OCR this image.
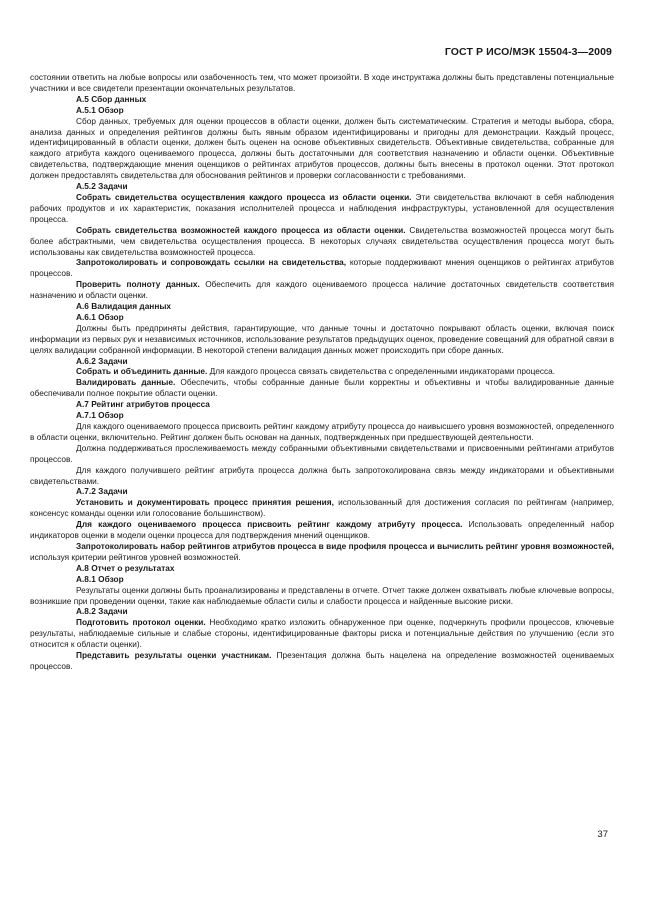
ГОСТ Р ИСО/МЭК 15504-3—2009

состоянии ответить на любые вопросы или озабоченность тем, что может произойти. В ходе инструктажа должны быть представлены потенциальные участники и все свидетели презентации окончательных результатов.

А.5 Сбор данных

А.5.1 Обзор

Сбор данных, требуемых для оценки процессов в области оценки, должен быть систематическим. Стратегия и методы выбора, сбора, анализа данных и определения рейтингов должны быть явным образом идентифицированы и пригодны для демонстрации. Каждый процесс, идентифицированный в области оценки, должен быть оценен на основе объективных свидетельств. Объективные свидетельства, собранные для каждого атрибута каждого оцениваемого процесса, должны быть достаточными для соответствия назначению и области оценки. Объективные свидетельства, подтверждающие мнения оценщиков о рейтингах атрибутов процессов, должны быть внесены в протокол оценки. Этот протокол должен предоставлять свидетельства для обоснования рейтингов и проверки согласованности с требованиями.

А.5.2 Задачи

Собрать свидетельства осуществления каждого процесса из области оценки. Эти свидетельства включают в себя наблюдения рабочих продуктов и их характеристик, показания исполнителей процесса и наблюдения инфраструктуры, установленной для осуществления процесса.

Собрать свидетельства возможностей каждого процесса из области оценки. Свидетельства возможностей процесса могут быть более абстрактными, чем свидетельства осуществления процесса. В некоторых случаях свидетельства осуществления процесса могут быть использованы как свидетельства возможностей процесса.

Запротоколировать и сопровождать ссылки на свидетельства, которые поддерживают мнения оценщиков о рейтингах атрибутов процессов.

Проверить полноту данных. Обеспечить для каждого оцениваемого процесса наличие достаточных свидетельств соответствия назначению и области оценки.

А.6 Валидация данных

А.6.1 Обзор

Должны быть предприняты действия, гарантирующие, что данные точны и достаточно покрывают область оценки, включая поиск информации из первых рук и независимых источников, использование результатов предыдущих оценок, проведение совещаний для обратной связи в целях валидации собранной информации. В некоторой степени валидация данных может происходить при сборе данных.

А.6.2 Задачи

Собрать и объединить данные. Для каждого процесса связать свидетельства с определенными индикаторами процесса.

Валидировать данные. Обеспечить, чтобы собранные данные были корректны и объективны и чтобы валидированные данные обеспечивали полное покрытие области оценки.

А.7 Рейтинг атрибутов процесса

А.7.1 Обзор

Для каждого оцениваемого процесса присвоить рейтинг каждому атрибуту процесса до наивысшего уровня возможностей, определенного в области оценки, включительно. Рейтинг должен быть основан на данных, подтвержденных при предшествующей деятельности.

Должна поддерживаться прослеживаемость между собранными объективными свидетельствами и присвоенными рейтингами атрибутов процессов.

Для каждого получившего рейтинг атрибута процесса должна быть запротоколирована связь между индикаторами и объективными свидетельствами.

А.7.2 Задачи

Установить и документировать процесс принятия решения, использованный для достижения согласия по рейтингам (например, консенсус команды оценки или голосование большинством).

Для каждого оцениваемого процесса присвоить рейтинг каждому атрибуту процесса. Использовать определенный набор индикаторов оценки в модели оценки процесса для подтверждения мнений оценщиков.

Запротоколировать набор рейтингов атрибутов процесса в виде профиля процесса и вычислить рейтинг уровня возможностей, используя критерии рейтингов уровней возможностей.

А.8 Отчет о результатах

А.8.1 Обзор

Результаты оценки должны быть проанализированы и представлены в отчете. Отчет также должен охватывать любые ключевые вопросы, возникшие при проведении оценки, такие как наблюдаемые области силы и слабости процесса и найденные высокие риски.

А.8.2 Задачи

Подготовить протокол оценки. Необходимо кратко изложить обнаруженное при оценке, подчеркнуть профили процессов, ключевые результаты, наблюдаемые сильные и слабые стороны, идентифицированные факторы риска и потенциальные действия по улучшению (если это относится к области оценки).

Представить результаты оценки участникам. Презентация должна быть нацелена на определение возможностей оцениваемых процессов.

37
